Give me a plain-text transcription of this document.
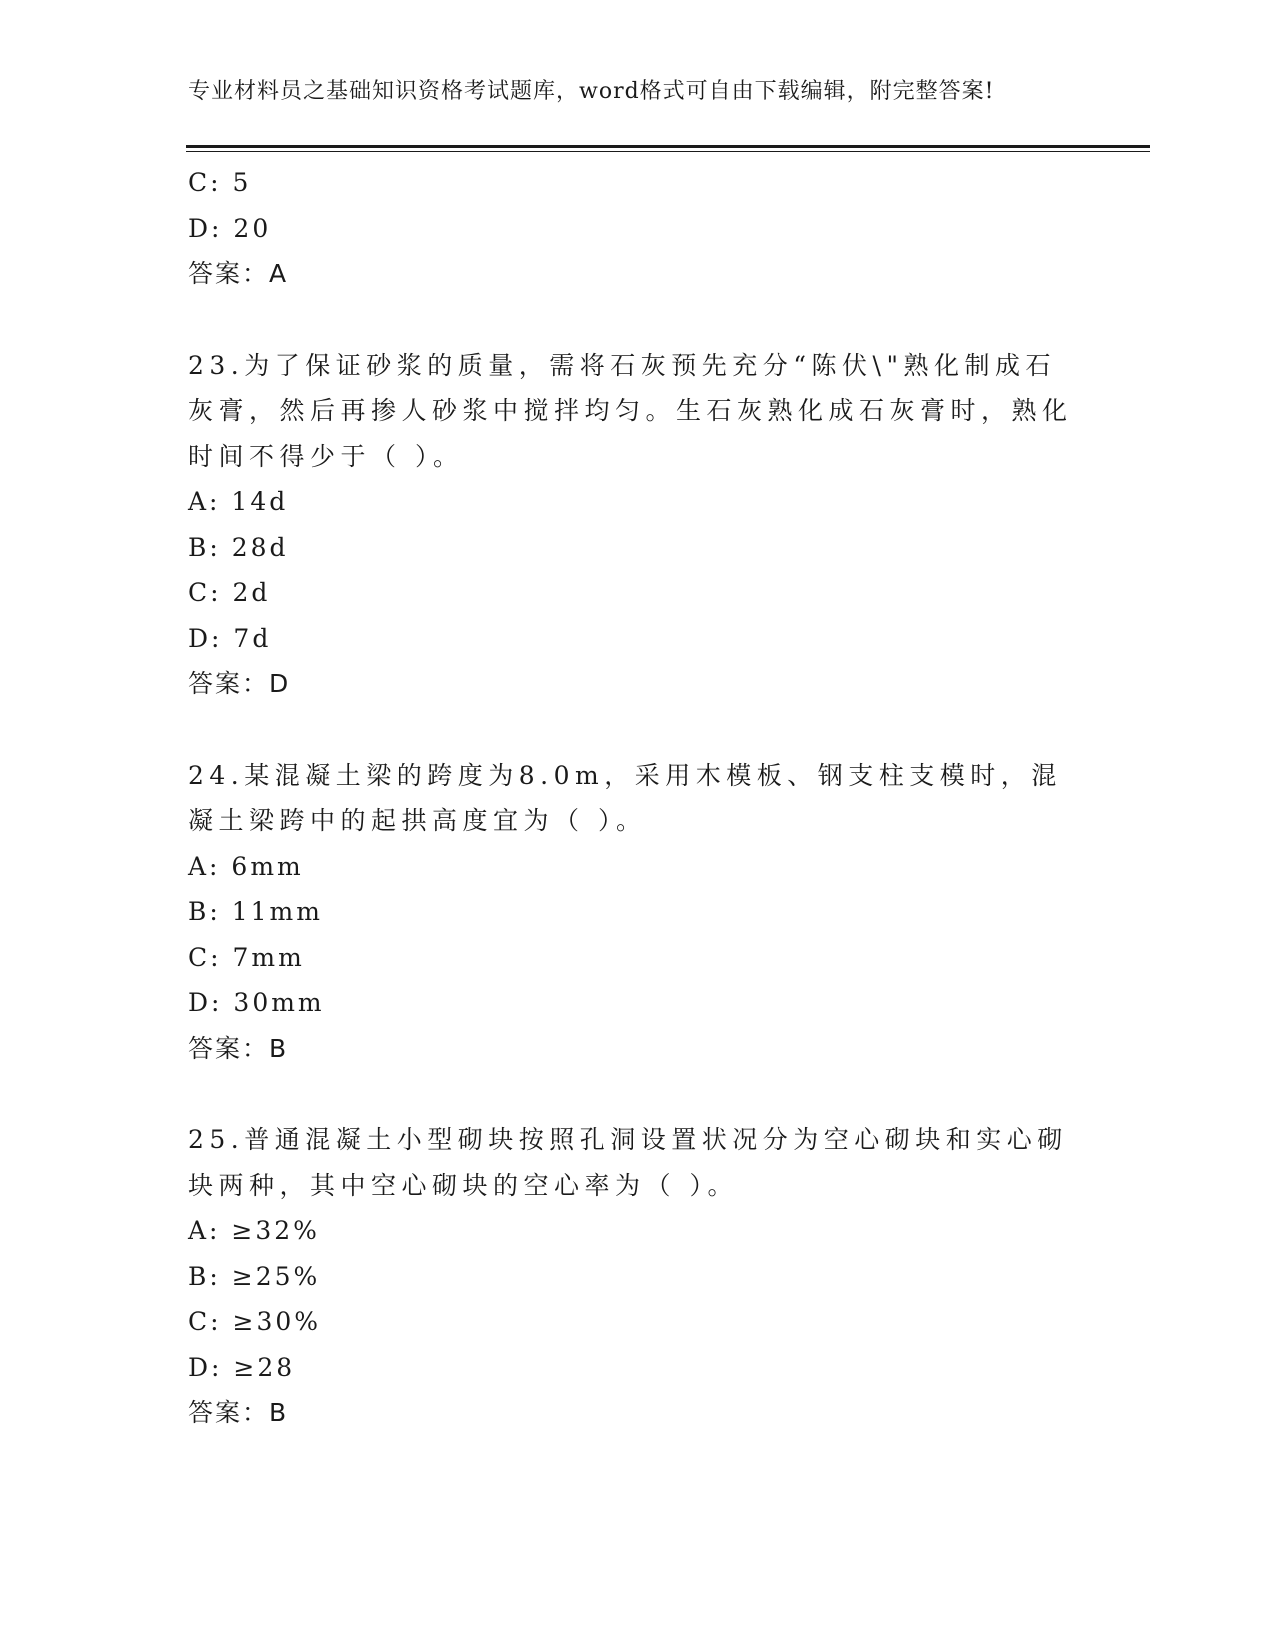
专业材料员之基础知识资格考试题库，word格式可自由下载编辑，附完整答案!
C: 5
D: 20
答案：A
23.为了保证砂浆的质量，需将石灰预先充分“陈伏\"熟化制成石灰膏，然后再掺人砂浆中搅拌均匀。生石灰熟化成石灰膏时，熟化时间不得少于（ ）。
A: 14d
B: 28d
C: 2d
D: 7d
答案：D
24.某混凝土梁的跨度为8.0m，采用木模板、钢支柱支模时，混凝土梁跨中的起拱高度宜为（ ）。
A: 6mm
B: 11mm
C: 7mm
D: 30mm
答案：B
25.普通混凝土小型砌块按照孔洞设置状况分为空心砌块和实心砌块两种，其中空心砌块的空心率为（ ）。
A: ≥32%
B: ≥25%
C: ≥30%
D: ≥28
答案：B
